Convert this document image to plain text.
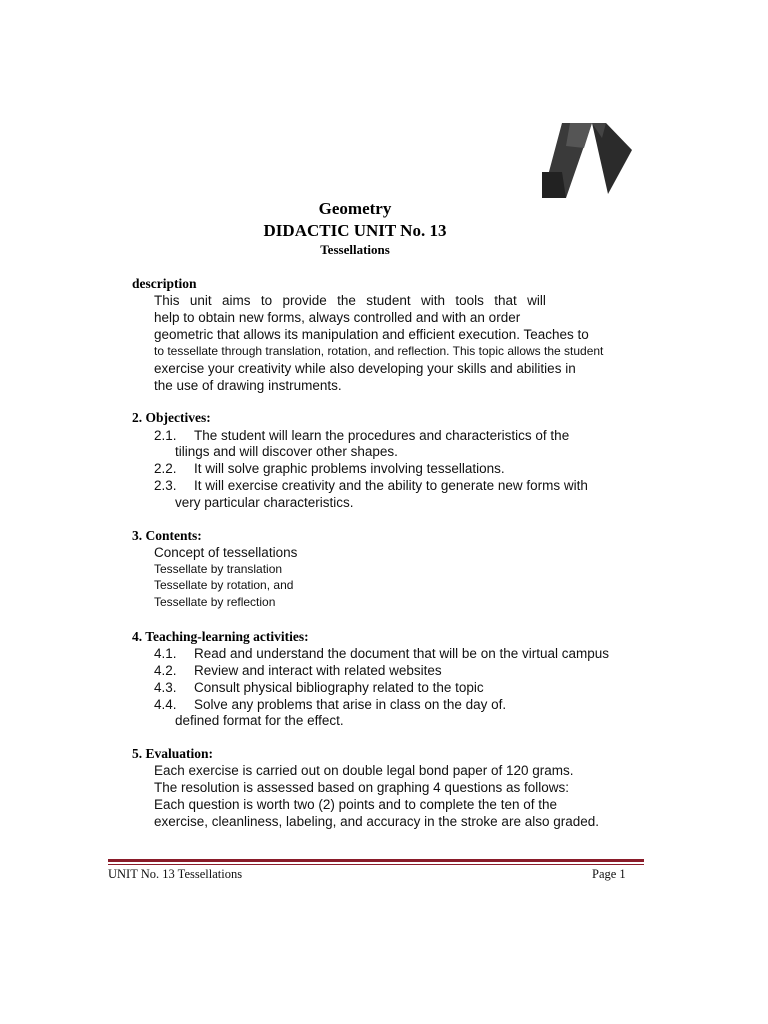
Geometry
DIDACTIC UNIT No. 13
Tessellations
description
This unit aims to provide the student with tools that will
help to obtain new forms, always controlled and with an order
geometric that allows its manipulation and efficient execution. Teaches to
to tessellate through translation, rotation, and reflection. This topic allows the student
exercise your creativity while also developing your skills and abilities in
the use of drawing instruments.
2. Objectives:
2.1. The student will learn the procedures and characteristics of the
tilings and will discover other shapes.
2.2. It will solve graphic problems involving tessellations.
2.3. It will exercise creativity and the ability to generate new forms with
very particular characteristics.
3. Contents:
Concept of tessellations
Tessellate by translation
Tessellate by rotation, and
Tessellate by reflection
4. Teaching-learning activities:
4.1. Read and understand the document that will be on the virtual campus
4.2. Review and interact with related websites
4.3. Consult physical bibliography related to the topic
4.4. Solve any problems that arise in class on the day of.
defined format for the effect.
5. Evaluation:
Each exercise is carried out on double legal bond paper of 120 grams.
The resolution is assessed based on graphing 4 questions as follows:
Each question is worth two (2) points and to complete the ten of the
exercise, cleanliness, labeling, and accuracy in the stroke are also graded.
UNIT No. 13 Tessellations	Page 1
